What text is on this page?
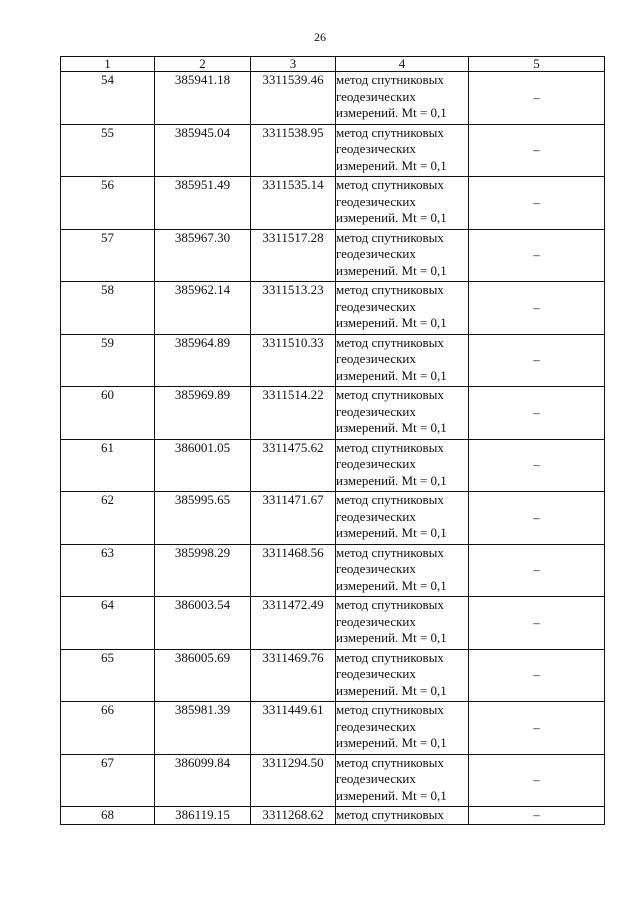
26
1	2	3	4	5
54	385941.18	3311539.46	метод спутниковых
геодезических
измерений. Mt = 0,1	–
55	385945.04	3311538.95	метод спутниковых
геодезических
измерений. Mt = 0,1	–
56	385951.49	3311535.14	метод спутниковых
геодезических
измерений. Mt = 0,1	–
57	385967.30	3311517.28	метод спутниковых
геодезических
измерений. Mt = 0,1	–
58	385962.14	3311513.23	метод спутниковых
геодезических
измерений. Mt = 0,1	–
59	385964.89	3311510.33	метод спутниковых
геодезических
измерений. Mt = 0,1	–
60	385969.89	3311514.22	метод спутниковых
геодезических
измерений. Mt = 0,1	–
61	386001.05	3311475.62	метод спутниковых
геодезических
измерений. Mt = 0,1	–
62	385995.65	3311471.67	метод спутниковых
геодезических
измерений. Mt = 0,1	–
63	385998.29	3311468.56	метод спутниковых
геодезических
измерений. Mt = 0,1	–
64	386003.54	3311472.49	метод спутниковых
геодезических
измерений. Mt = 0,1	–
65	386005.69	3311469.76	метод спутниковых
геодезических
измерений. Mt = 0,1	–
66	385981.39	3311449.61	метод спутниковых
геодезических
измерений. Mt = 0,1	–
67	386099.84	3311294.50	метод спутниковых
геодезических
измерений. Mt = 0,1	–
68	386119.15	3311268.62	метод спутниковых	–
